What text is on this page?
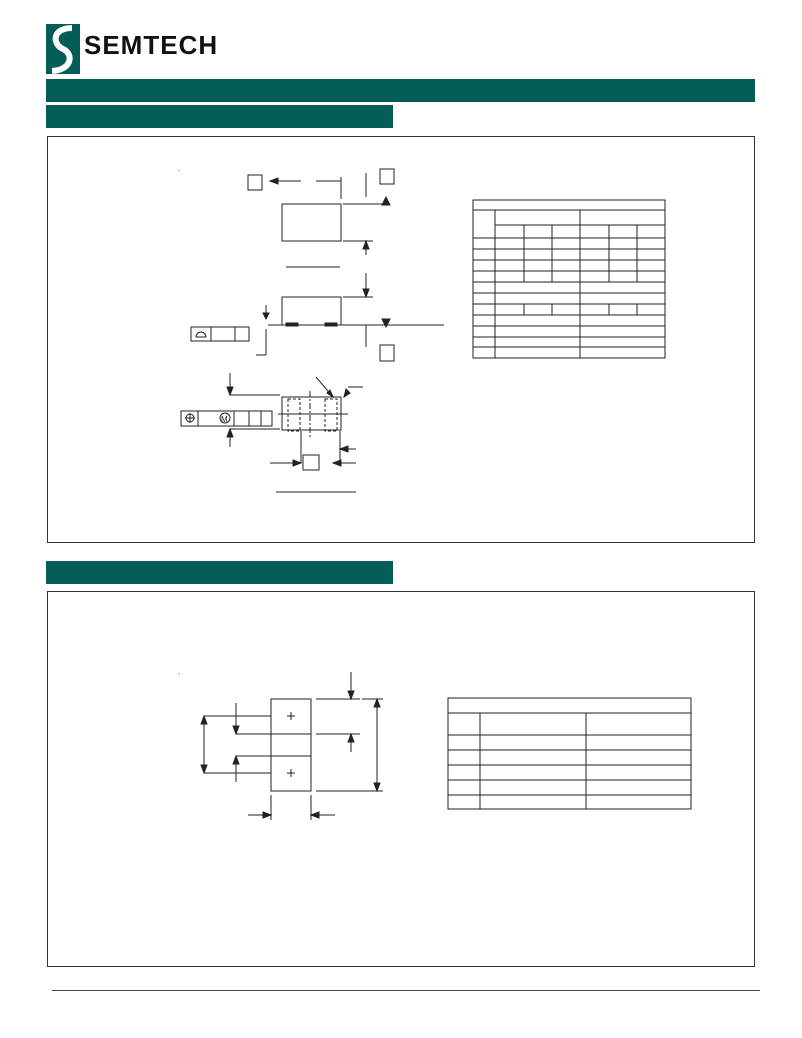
SEMTECH
.
M
.
